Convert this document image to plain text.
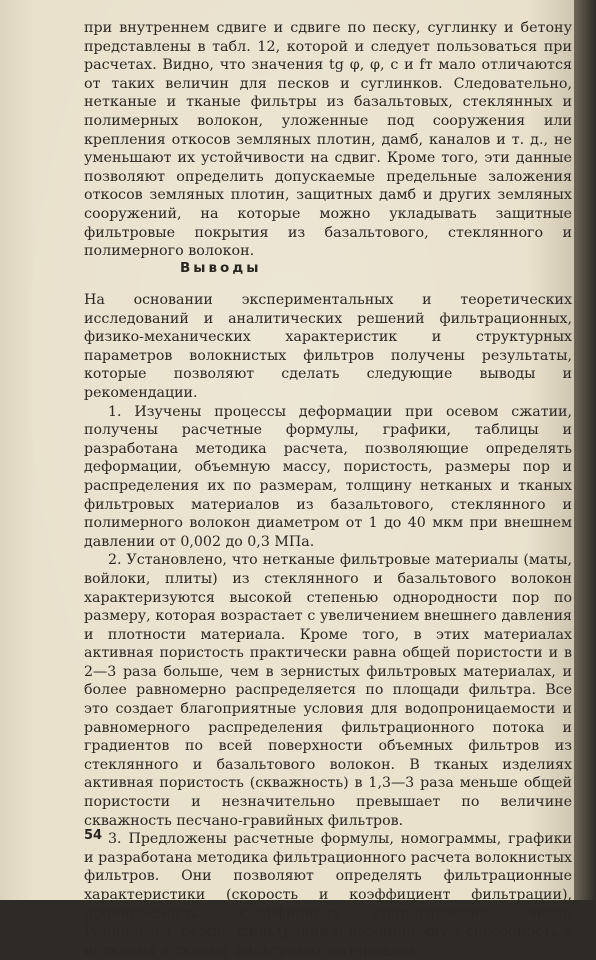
при внутреннем сдвиге и сдвиге по песку, суглинку и бетону представлены в табл. 12, которой и следует пользоваться при расчетах. Видно, что значения tg φ, φ, c и fт мало отличаются от таких величин для песков и суглинков. Следовательно, нетканые и тканые фильтры из базальтовых, стеклянных и полимерных волокон, уложенные под сооружения или крепления откосов земляных плотин, дамб, каналов и т. д., не уменьшают их устойчивости на сдвиг. Кроме того, эти данные позволяют определить допускаемые предельные заложения откосов земляных плотин, защитных дамб и других земляных сооружений, на которые можно укладывать защитные фильтровые покрытия из базальтового, стеклянного и полимерного волокон.

Выводы

На основании экспериментальных и теоретических исследований и аналитических решений фильтрационных, физико-механических характеристик и структурных параметров волокнистых фильтров получены результаты, которые позволяют сделать следующие выводы и рекомендации.

1. Изучены процессы деформации при осевом сжатии, получены расчетные формулы, графики, таблицы и разработана методика расчета, позволяющие определять деформации, объемную массу, пористость, размеры пор и распределения их по размерам, толщину нетканых и тканых фильтровых материалов из базальтового, стеклянного и полимерного волокон диаметром от 1 до 40 мкм при внешнем давлении от 0,002 до 0,3 МПа.

2. Установлено, что нетканые фильтровые материалы (маты, войлоки, плиты) из стеклянного и базальтового волокон характеризуются высокой степенью однородности пор по размеру, которая возрастает с увеличением внешнего давления и плотности материала. Кроме того, в этих материалах активная пористость практически равна общей пористости и в 2—3 раза больше, чем в зернистых фильтровых материалах, и более равномерно распределяется по площади фильтра. Все это создает благоприятные условия для водопроницаемости и равномерного распределения фильтрационного потока и градиентов по всей поверхности объемных фильтров из стеклянного и базальтового волокон. В тканых изделиях активная пористость (скважность) в 1,3—3 раза меньше общей пористости и незначительно превышает по величине скважность песчано-гравийных фильтров.

3. Предложены расчетные формулы, номограммы, графики и разработана методика фильтрационного расчета волокнистых фильтров. Они позволяют определять фильтрационные характеристики (скорость и коэффициент фильтрации), проницаемость, коэффициент сопротивления, число Рейнольдса, режим фильтрации и водоприемную способность в нетканых и тканых фильтровых материалах

54
